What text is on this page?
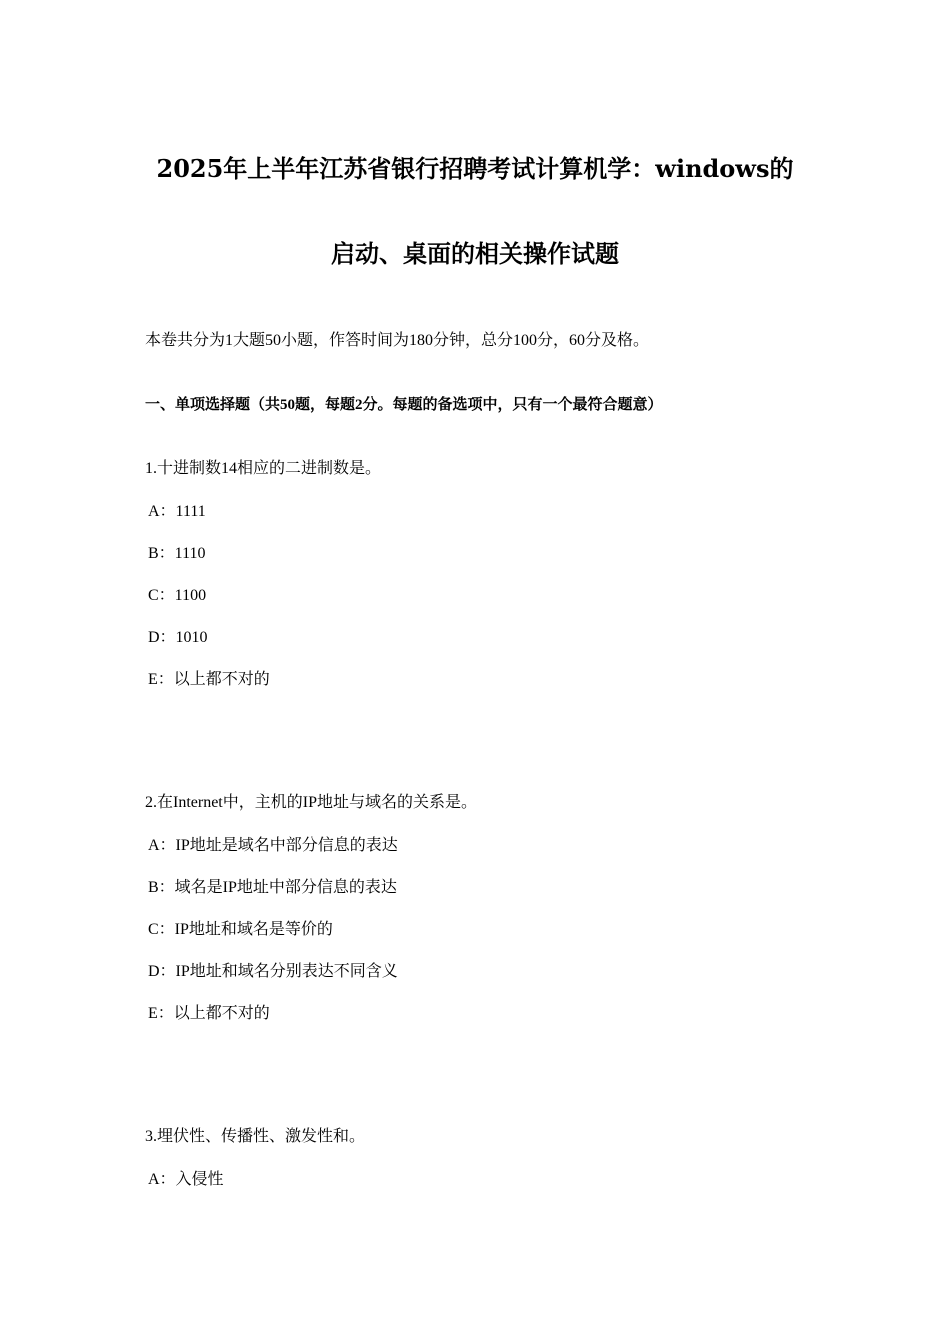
2025年上半年江苏省银行招聘考试计算机学：windows的
启动、桌面的相关操作试题
本卷共分为1大题50小题，作答时间为180分钟，总分100分，60分及格。
一、单项选择题（共50题，每题2分。每题的备选项中，只有一个最符合题意）
1.十进制数14相应的二进制数是。
A：1111
B：1110
C：1100
D：1010
E：以上都不对的
2.在Internet中，主机的IP地址与域名的关系是。
A：IP地址是域名中部分信息的表达
B：域名是IP地址中部分信息的表达
C：IP地址和域名是等价的
D：IP地址和域名分别表达不同含义
E：以上都不对的
3.埋伏性、传播性、激发性和。
A：入侵性
